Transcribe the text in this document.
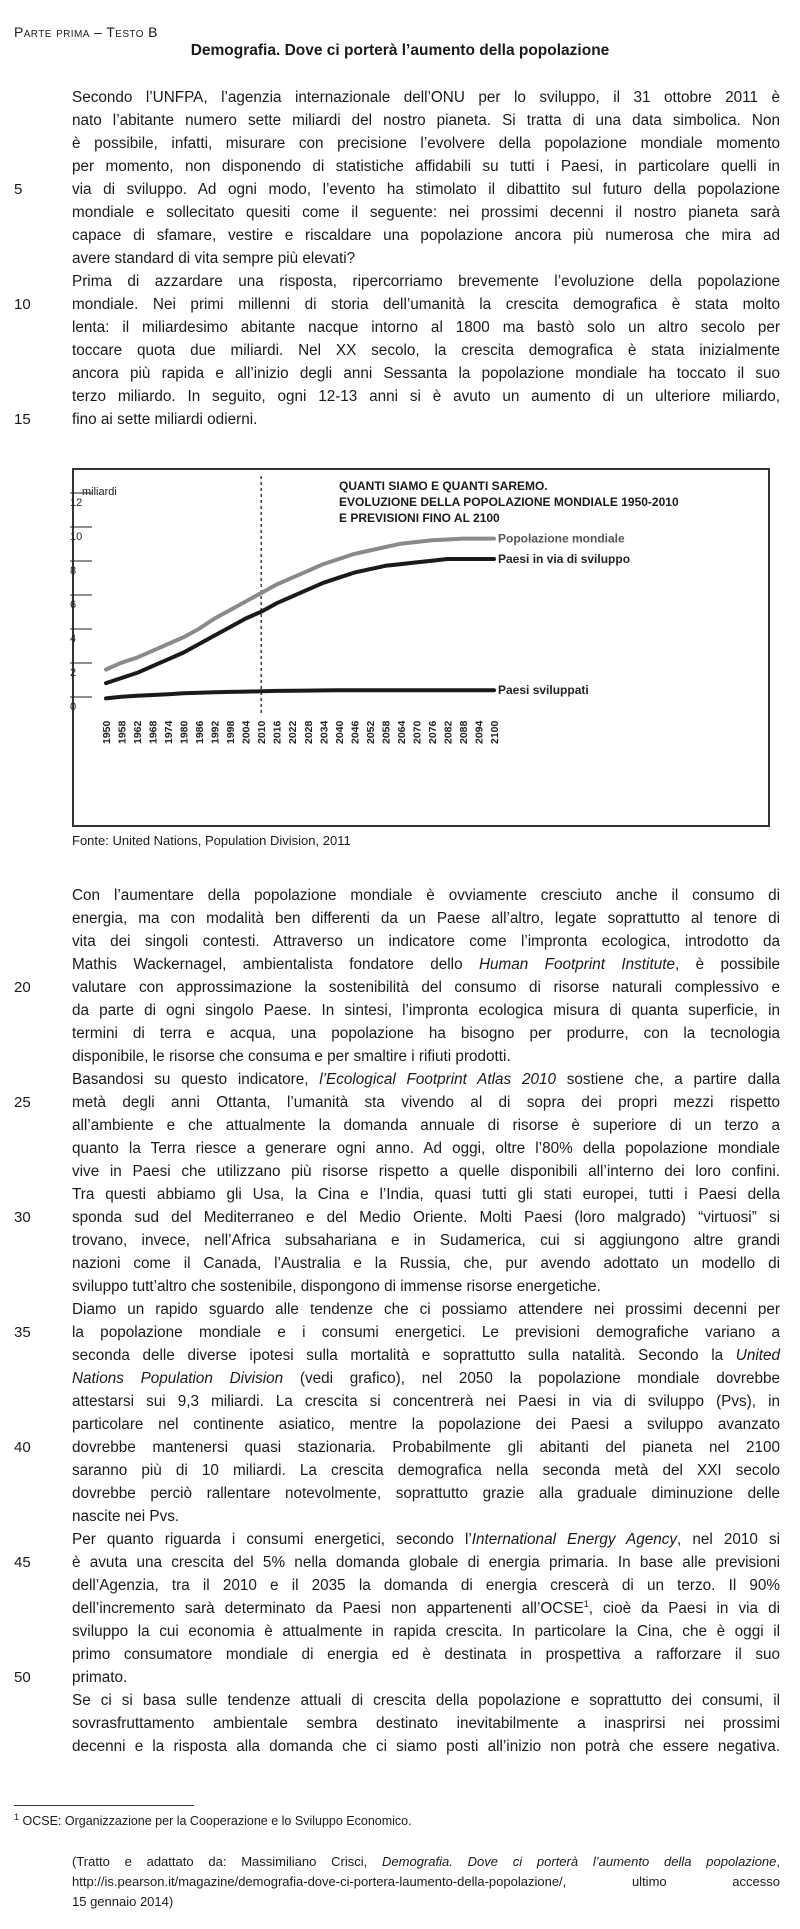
Parte prima – Testo B
Demografia. Dove ci porterà l’aumento della popolazione
Secondo l’UNFPA, l’agenzia internazionale dell’ONU per lo sviluppo, il 31 ottobre 2011 è
nato l’abitante numero sette miliardi del nostro pianeta. Si tratta di una data simbolica. Non
è possibile, infatti, misurare con precisione l’evolvere della popolazione mondiale momento
per momento, non disponendo di statistiche affidabili su tutti i Paesi, in particolare quelli in
via di sviluppo. Ad ogni modo, l’evento ha stimolato il dibattito sul futuro della popolazione
mondiale e sollecitato quesiti come il seguente: nei prossimi decenni il nostro pianeta sarà
capace di sfamare, vestire e riscaldare una popolazione ancora più numerosa che mira ad
avere standard di vita sempre più elevati?
Prima di azzardare una risposta, ripercorriamo brevemente l’evoluzione della popolazione
mondiale. Nei primi millenni di storia dell’umanità la crescita demografica è stata molto
lenta: il miliardesimo abitante nacque intorno al 1800 ma bastò solo un altro secolo per
toccare quota due miliardi. Nel XX secolo, la crescita demografica è stata inizialmente
ancora più rapida e all’inizio degli anni Sessanta la popolazione mondiale ha toccato il suo
terzo miliardo. In seguito, ogni 12-13 anni si è avuto un aumento di un ulteriore miliardo,
fino ai sette miliardi odierni.
5
10
15
20
25
30
35
40
45
50
0
2
4
6
8
10
12
1950 1958 1962 1968 1974 1980 1986 1992 1998 2004 2010 2016 2022 2028 2034 2040 2046 2052 2058 2064 2070 2076 2082 2088 2094 2100
Popolazione mondiale
Paesi in via di sviluppo
Paesi sviluppati
miliardi	QUANTI SIAMO E QUANTI SAREMO.
EVOLUZIONE DELLA POPOLAZIONE MONDIALE 1950-2010
E PREVISIONI FINO AL 2100
Fonte: United Nations, Population Division, 2011
Con l’aumentare della popolazione mondiale è ovviamente cresciuto anche il consumo di
energia, ma con modalità ben differenti da un Paese all’altro, legate soprattutto al tenore di
vita dei singoli contesti. Attraverso un indicatore come l’impronta ecologica, introdotto da
Mathis Wackernagel, ambientalista fondatore dello Human Footprint Institute, è possibile
valutare con approssimazione la sostenibilità del consumo di risorse naturali complessivo e
da parte di ogni singolo Paese. In sintesi, l’impronta ecologica misura di quanta superficie, in
termini di terra e acqua, una popolazione ha bisogno per produrre, con la tecnologia
disponibile, le risorse che consuma e per smaltire i rifiuti prodotti.
Basandosi su questo indicatore, l’Ecological Footprint Atlas 2010 sostiene che, a partire dalla
metà degli anni Ottanta, l’umanità sta vivendo al di sopra dei propri mezzi rispetto
all’ambiente e che attualmente la domanda annuale di risorse è superiore di un terzo a
quanto la Terra riesce a generare ogni anno. Ad oggi, oltre l’80% della popolazione mondiale
vive in Paesi che utilizzano più risorse rispetto a quelle disponibili all’interno dei loro confini.
Tra questi abbiamo gli Usa, la Cina e l’India, quasi tutti gli stati europei, tutti i Paesi della
sponda sud del Mediterraneo e del Medio Oriente. Molti Paesi (loro malgrado) “virtuosi” si
trovano, invece, nell’Africa subsahariana e in Sudamerica, cui si aggiungono altre grandi
nazioni come il Canada, l’Australia e la Russia, che, pur avendo adottato un modello di
sviluppo tutt’altro che sostenibile, dispongono di immense risorse energetiche.
Diamo un rapido sguardo alle tendenze che ci possiamo attendere nei prossimi decenni per
la popolazione mondiale e i consumi energetici. Le previsioni demografiche variano a
seconda delle diverse ipotesi sulla mortalità e soprattutto sulla natalità. Secondo la United
Nations Population Division (vedi grafico), nel 2050 la popolazione mondiale dovrebbe
attestarsi sui 9,3 miliardi. La crescita si concentrerà nei Paesi in via di sviluppo (Pvs), in
particolare nel continente asiatico, mentre la popolazione dei Paesi a sviluppo avanzato
dovrebbe mantenersi quasi stazionaria. Probabilmente gli abitanti del pianeta nel 2100
saranno più di 10 miliardi. La crescita demografica nella seconda metà del XXI secolo
dovrebbe perciò rallentare notevolmente, soprattutto grazie alla graduale diminuzione delle
nascite nei Pvs.
Per quanto riguarda i consumi energetici, secondo l’International Energy Agency, nel 2010 si
è avuta una crescita del 5% nella domanda globale di energia primaria. In base alle previsioni
dell’Agenzia, tra il 2010 e il 2035 la domanda di energia crescerà di un terzo. Il 90%
dell’incremento sarà determinato da Paesi non appartenenti all’OCSE$^1$, cioè da Paesi in via di
sviluppo la cui economia è attualmente in rapida crescita. In particolare la Cina, che è oggi il
primo consumatore mondiale di energia ed è destinata in prospettiva a rafforzare il suo
primato.
Se ci si basa sulle tendenze attuali di crescita della popolazione e soprattutto dei consumi, il
sovrasfruttamento ambientale sembra destinato inevitabilmente a inasprirsi nei prossimi
decenni e la risposta alla domanda che ci siamo posti all’inizio non potrà che essere negativa.
$^1$ OCSE: Organizzazione per la Cooperazione e lo Sviluppo Economico.
(Tratto e adattato da: Massimiliano Crisci, Demografia. Dove ci porterà l’aumento della popolazione,
http://is.pearson.it/magazine/demografia-dove-ci-portera-laumento-della-popolazione/, ultimo accesso
15 gennaio 2014)
